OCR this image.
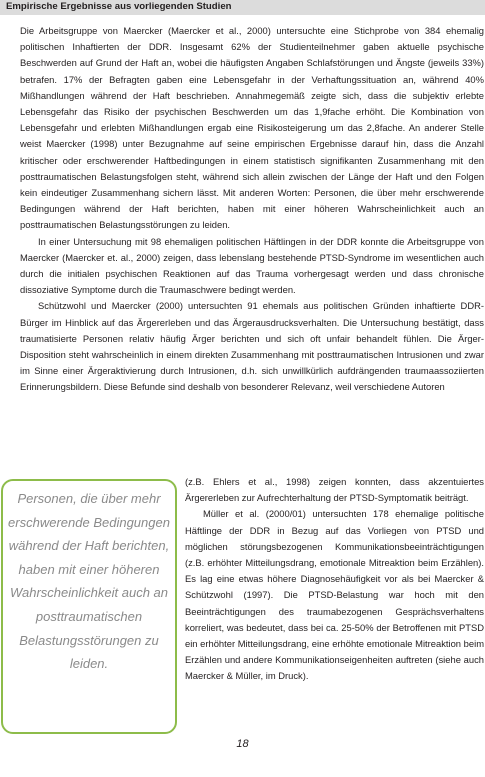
Empirische Ergebnisse aus vorliegenden Studien

Die Arbeitsgruppe von Maercker (Maercker et al., 2000) untersuchte eine Stichprobe von 384 ehemalig politischen Inhaftierten der DDR. Insgesamt 62% der Studienteilnehmer gaben aktuelle psychische Beschwerden auf Grund der Haft an, wobei die häufigsten Angaben Schlafstörungen und Ängste (jeweils 33%) betrafen. 17% der Befragten gaben eine Lebensgefahr in der Verhaftungssituation an, während 40% Mißhandlungen während der Haft beschrieben. Annahmegemäß zeigte sich, dass die subjektiv erlebte Lebensgefahr das Risiko der psychischen Beschwerden um das 1,9fache erhöht. Die Kombination von Lebensgefahr und erlebten Mißhandlungen ergab eine Risikosteigerung um das 2,8fache. An anderer Stelle weist Maercker (1998) unter Bezugnahme auf seine empirischen Ergebnisse darauf hin, dass die Anzahl kritischer oder erschwerender Haftbedingungen in einem statistisch signifikanten Zusammenhang mit den posttraumatischen Belastungsfolgen steht, während sich allein zwischen der Länge der Haft und den Folgen kein eindeutiger Zusammenhang sichern lässt. Mit anderen Worten: Personen, die über mehr erschwerende Bedingungen während der Haft berichten, haben mit einer höheren Wahrscheinlichkeit auch an posttraumatischen Belastungsstörungen zu leiden.

In einer Untersuchung mit 98 ehemaligen politischen Häftlingen in der DDR konnte die Arbeitsgruppe von Maercker (Maercker et. al., 2000) zeigen, dass lebenslang bestehende PTSD-Syndrome im wesentlichen auch durch die initialen psychischen Reaktionen auf das Trauma vorhergesagt werden und dass chronische dissoziative Symptome durch die Traumaschwere bedingt werden.

Schützwohl und Maercker (2000) untersuchten 91 ehemals aus politischen Gründen inhaftierte DDR-Bürger im Hinblick auf das Ärgererleben und das Ärgerausdrucksverhalten. Die Untersuchung bestätigt, dass traumatisierte Personen relativ häufig Ärger berichten und sich oft unfair behandelt fühlen. Die Ärger-Disposition steht wahrscheinlich in einem direkten Zusammenhang mit posttraumatischen Intrusionen und zwar im Sinne einer Ärgeraktivierung durch Intrusionen, d.h. sich unwillkürlich aufdrängenden traumaassoziierten Erinnerungsbildern. Diese Befunde sind deshalb von besonderer Relevanz, weil verschiedene Autoren

Personen, die über mehr erschwerende Bedingungen während der Haft berichten, haben mit einer höheren Wahrscheinlichkeit auch an posttraumatischen Belastungsstörungen zu leiden.

(z.B. Ehlers et al., 1998) zeigen konnten, dass akzentuiertes Ärgererleben zur Aufrechterhaltung der PTSD-Symptomatik beiträgt.

Müller et al. (2000/01) untersuchten 178 ehemalige politische Häftlinge der DDR in Bezug auf das Vorliegen von PTSD und möglichen störungsbezogenen Kommunikationsbeeinträchtigungen (z.B. erhöhter Mitteilungsdrang, emotionale Mitreaktion beim Erzählen). Es lag eine etwas höhere Diagnosehäufigkeit vor als bei Maercker & Schützwohl (1997). Die PTSD-Belastung war hoch mit den Beeinträchtigungen des traumabezogenen Gesprächsverhaltens korreliert, was bedeutet, dass bei ca. 25-50% der Betroffenen mit PTSD ein erhöhter Mitteilungsdrang, eine erhöhte emotionale Mitreaktion beim Erzählen und andere Kommunikationseigenheiten auftreten (siehe auch Maercker & Müller, im Druck).

18
